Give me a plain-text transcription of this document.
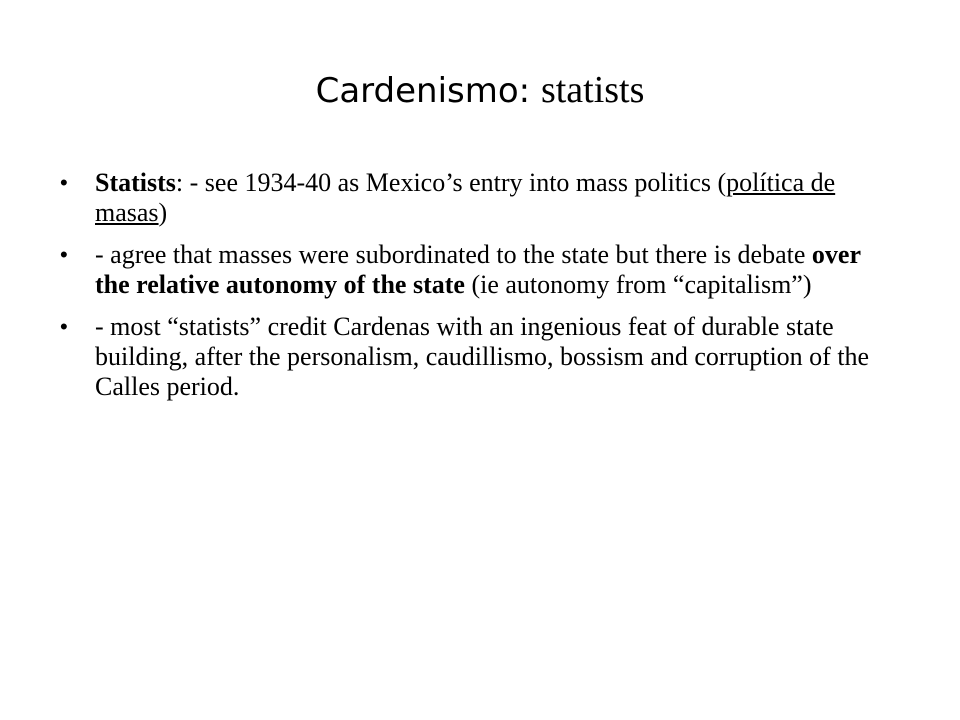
Cardenismo: statists
•	Statists: - see 1934-40 as Mexico’s entry into mass politics (política de masas)
•	- agree that masses were subordinated to the state but there is debate over the relative autonomy of the state (ie autonomy from “capitalism”)
•	- most “statists” credit Cardenas with an ingenious feat of durable state building, after the personalism, caudillismo, bossism and corruption of the Calles period.
